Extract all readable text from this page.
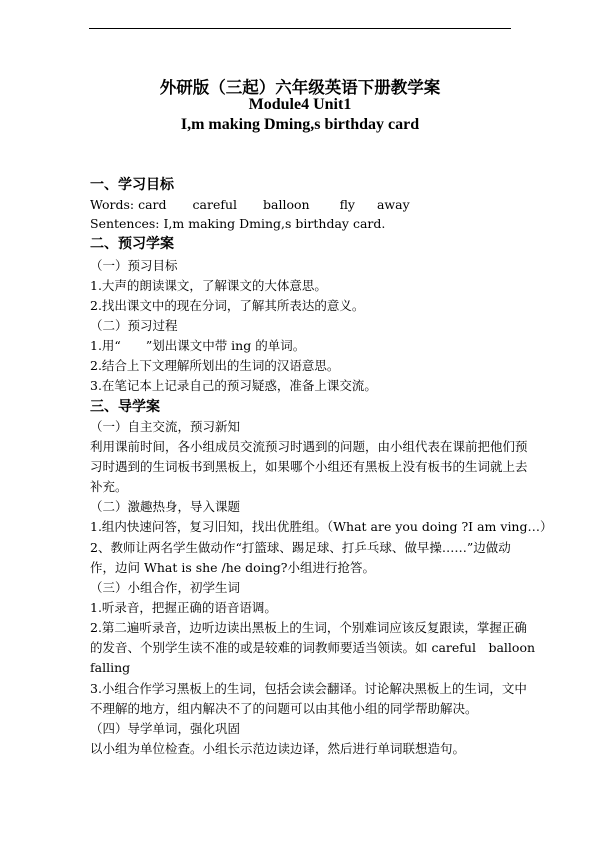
外研版（三起）六年级英语下册教学案
Module4 Unit1
I,m making Dming,s birthday card
一、学习目标
Words: card careful balloon fly away
Sentences: I,m making Dming,s birthday card.
二、预习学案
（一）预习目标
1.大声的朗读课文，了解课文的大体意思。
2.找出课文中的现在分词，了解其所表达的意义。
（二）预习过程
1.用“　　”划出课文中带 ing 的单词。
2.结合上下文理解所划出的生词的汉语意思。
3.在笔记本上记录自己的预习疑惑，准备上课交流。
三、导学案
（一）自主交流，预习新知
利用课前时间，各小组成员交流预习时遇到的问题，由小组代表在课前把他们预
习时遇到的生词板书到黑板上，如果哪个小组还有黑板上没有板书的生词就上去
补充。
（二）激趣热身，导入课题
1.组内快速问答，复习旧知，找出优胜组。（What are you doing ?I am ving…）
2、教师让两名学生做动作“打篮球、踢足球、打乒乓球、做早操……”边做动
作，边问 What is she /he doing?小组进行抢答。
（三）小组合作，初学生词
1.听录音，把握正确的语音语调。
2.第二遍听录音，边听边读出黑板上的生词，个别难词应该反复跟读，掌握正确
的发音、个别学生读不准的或是较难的词教师要适当领读。如 careful　balloon
falling
3.小组合作学习黑板上的生词，包括会读会翻译。讨论解决黑板上的生词，文中
不理解的地方，组内解决不了的问题可以由其他小组的同学帮助解决。
（四）导学单词，强化巩固
以小组为单位检查。小组长示范边读边译，然后进行单词联想造句。
